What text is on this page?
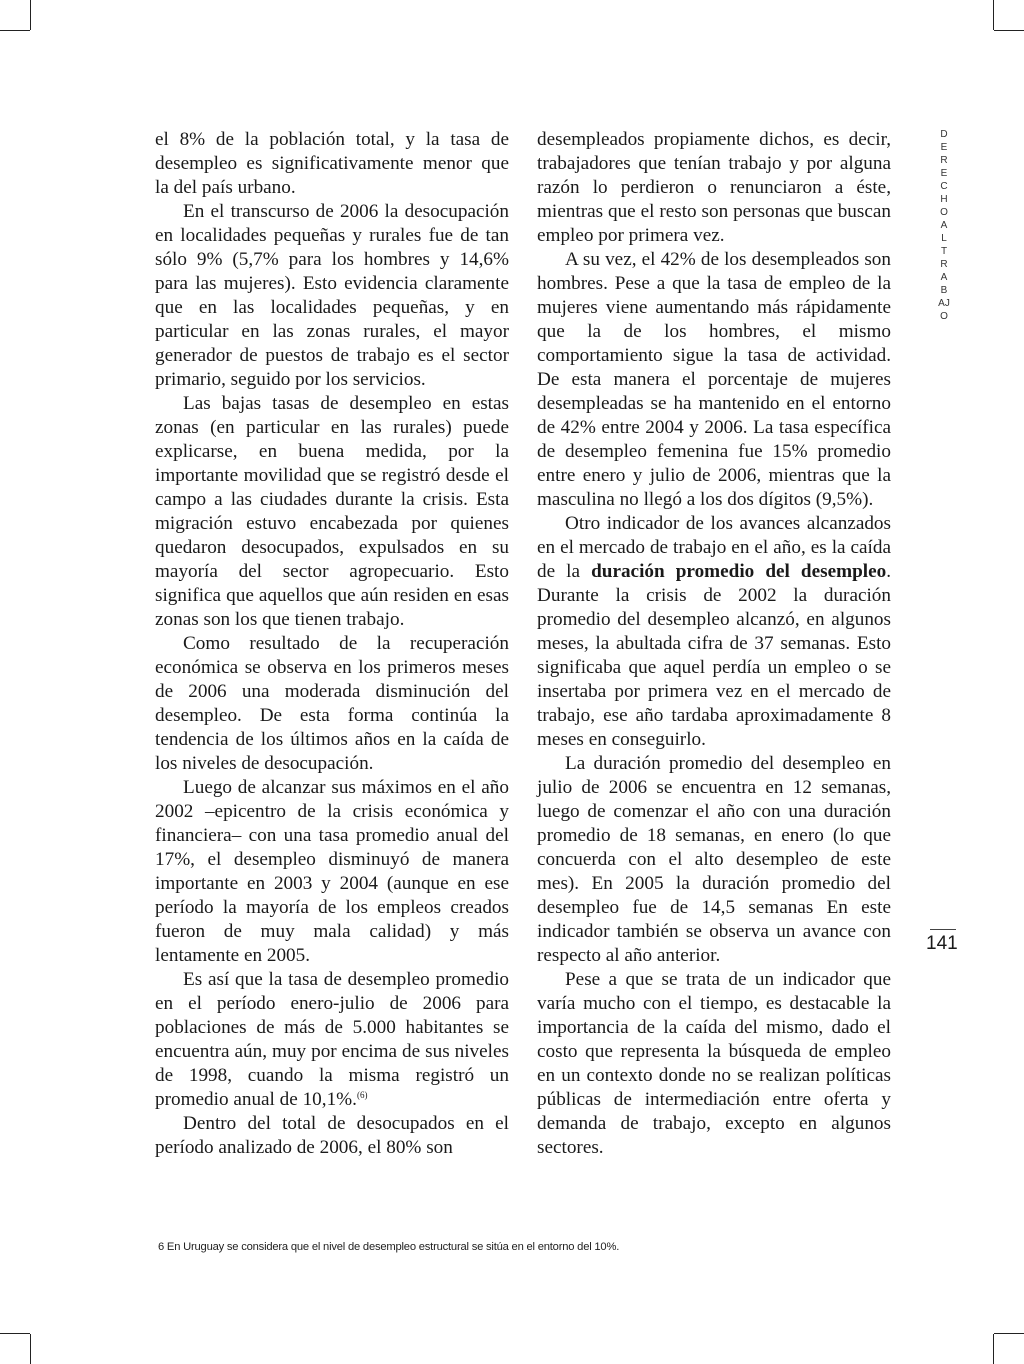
el 8% de la población total, y la tasa de desempleo es significativamente menor que la del país urbano.

En el transcurso de 2006 la desocupación en localidades pequeñas y rurales fue de tan sólo 9% (5,7% para los hombres y 14,6% para las mujeres). Esto evidencia claramente que en las localidades pequeñas, y en particular en las zonas rurales, el mayor generador de puestos de trabajo es el sector primario, seguido por los servicios.

Las bajas tasas de desempleo en estas zonas (en particular en las rurales) puede explicarse, en buena medida, por la importante movilidad que se registró desde el campo a las ciudades durante la crisis. Esta migración estuvo encabezada por quienes quedaron desocupados, expulsados en su mayoría del sector agropecuario. Esto significa que aquellos que aún residen en esas zonas son los que tienen trabajo.

Como resultado de la recuperación económica se observa en los primeros meses de 2006 una moderada disminución del desempleo. De esta forma continúa la tendencia de los últimos años en la caída de los niveles de desocupación.

Luego de alcanzar sus máximos en el año 2002 –epicentro de la crisis económica y financiera– con una tasa promedio anual del 17%, el desempleo disminuyó de manera importante en 2003 y 2004 (aunque en ese período la mayoría de los empleos creados fueron de muy mala calidad) y más lentamente en 2005.

Es así que la tasa de desempleo promedio en el período enero-julio de 2006 para poblaciones de más de 5.000 habitantes se encuentra aún, muy por encima de sus niveles de 1998, cuando la misma registró un promedio anual de 10,1%.$^{(6)}$

Dentro del total de desocupados en el período analizado de 2006, el 80% son

desempleados propiamente dichos, es decir, trabajadores que tenían trabajo y por alguna razón lo perdieron o renunciaron a éste, mientras que el resto son personas que buscan empleo por primera vez.

A su vez, el 42% de los desempleados son hombres. Pese a que la tasa de empleo de la mujeres viene aumentando más rápidamente que la de los hombres, el mismo comportamiento sigue la tasa de actividad. De esta manera el porcentaje de mujeres desempleadas se ha mantenido en el entorno de 42% entre 2004 y 2006. La tasa específica de desempleo femenina fue 15% promedio entre enero y julio de 2006, mientras que la masculina no llegó a los dos dígitos (9,5%).

Otro indicador de los avances alcanzados en el mercado de trabajo en el año, es la caída de la duración promedio del desempleo. Durante la crisis de 2002 la duración promedio del desempleo alcanzó, en algunos meses, la abultada cifra de 37 semanas. Esto significaba que aquel perdía un empleo o se insertaba por primera vez en el mercado de trabajo, ese año tardaba aproximadamente 8 meses en conseguirlo.

La duración promedio del desempleo en julio de 2006 se encuentra en 12 semanas, luego de comenzar el año con una duración promedio de 18 semanas, en enero (lo que concuerda con el alto desempleo de este mes). En 2005 la duración promedio del desempleo fue de 14,5 semanas En este indicador también se observa un avance con respecto al año anterior.

Pese a que se trata de un indicador que varía mucho con el tiempo, es destacable la importancia de la caída del mismo, dado el costo que representa la búsqueda de empleo en un contexto donde no se realizan políticas públicas de intermediación entre oferta y demanda de trabajo, excepto en algunos sectores.

DERECHO AL TRABAJO
141
6 En Uruguay se considera que el nivel de desempleo estructural se sitúa en el entorno del 10%.
